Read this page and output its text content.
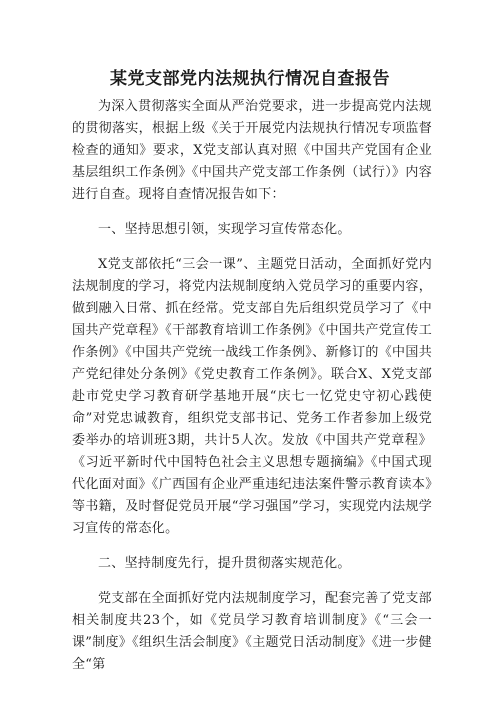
某党支部党内法规执行情况自查报告

为深入贯彻落实全面从严治党要求，进一步提高党内法规的贯彻落实，根据上级《关于开展党内法规执行情况专项监督检查的通知》要求，X党支部认真对照《中国共产党国有企业基层组织工作条例》《中国共产党支部工作条例（试行）》内容进行自查。现将自查情况报告如下：

一、坚持思想引领，实现学习宣传常态化。

X党支部依托“三会一课”、主题党日活动，全面抓好党内法规制度的学习，将党内法规制度纳入党员学习的重要内容，做到融入日常、抓在经常。党支部自先后组织党员学习了《中国共产党章程》《干部教育培训工作条例》《中国共产党宣传工作条例》《中国共产党统一战线工作条例》、新修订的《中国共产党纪律处分条例》《党史教育工作条例》。联合X、X党支部赴市党史学习教育研学基地开展“庆七一忆党史守初心践使命”对党忠诚教育，组织党支部书记、党务工作者参加上级党委举办的培训班3期，共计5人次。发放《中国共产党章程》《习近平新时代中国特色社会主义思想专题摘编》《中国式现代化面对面》《广西国有企业严重违纪违法案件警示教育读本》等书籍，及时督促党员开展“学习强国”学习，实现党内法规学习宣传的常态化。

二、坚持制度先行，提升贯彻落实规范化。

党支部在全面抓好党内法规制度学习，配套完善了党支部相关制度共23个，如《党员学习教育培训制度》《“三会一课”制度》《组织生活会制度》《主题党日活动制度》《进一步健全“第
